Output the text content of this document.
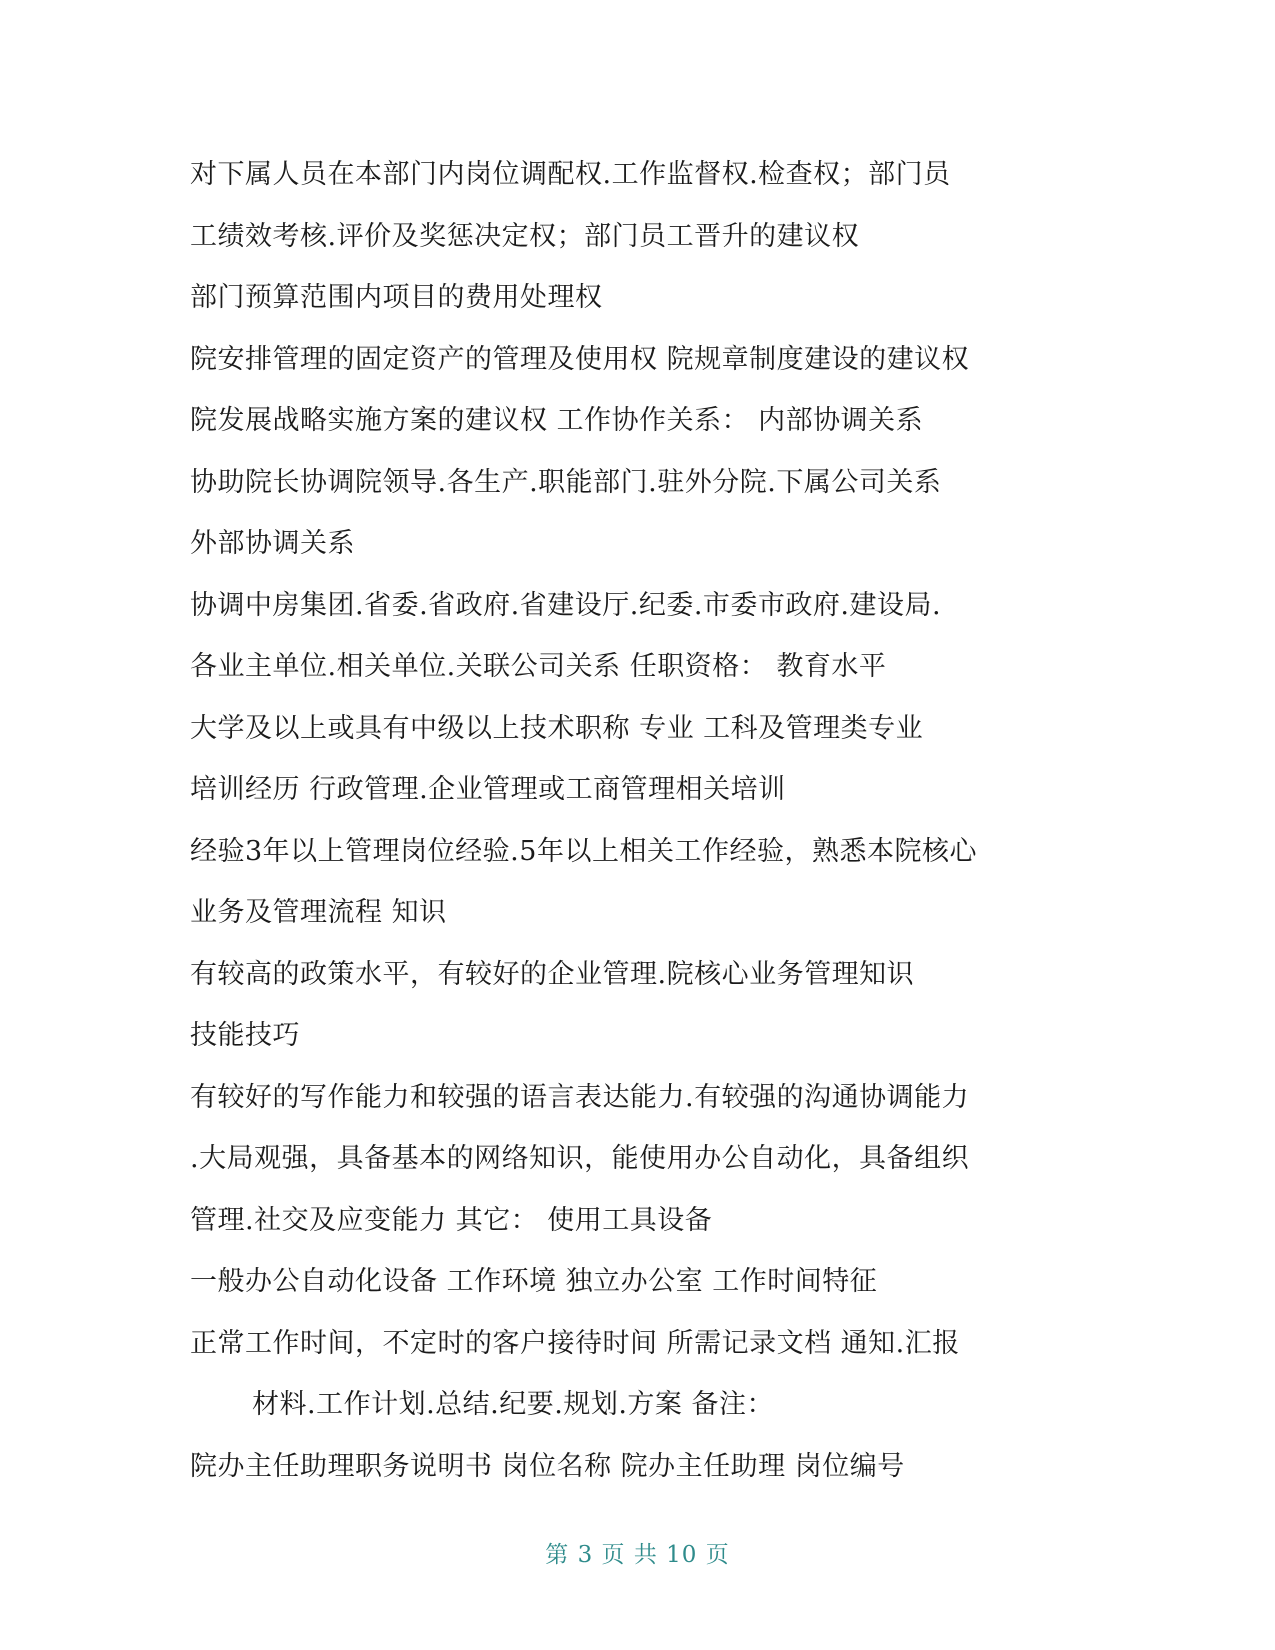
对下属人员在本部门内岗位调配权.工作监督权.检查权；部门员
工绩效考核.评价及奖惩决定权；部门员工晋升的建议权
部门预算范围内项目的费用处理权
院安排管理的固定资产的管理及使用权 院规章制度建设的建议权
院发展战略实施方案的建议权 工作协作关系： 内部协调关系
协助院长协调院领导.各生产.职能部门.驻外分院.下属公司关系
外部协调关系
协调中房集团.省委.省政府.省建设厅.纪委.市委市政府.建设局.
各业主单位.相关单位.关联公司关系 任职资格： 教育水平
大学及以上或具有中级以上技术职称 专业 工科及管理类专业
培训经历 行政管理.企业管理或工商管理相关培训
经验3年以上管理岗位经验.5年以上相关工作经验，熟悉本院核心
业务及管理流程 知识
有较高的政策水平，有较好的企业管理.院核心业务管理知识
技能技巧
有较好的写作能力和较强的语言表达能力.有较强的沟通协调能力
.大局观强，具备基本的网络知识，能使用办公自动化，具备组织
管理.社交及应变能力 其它： 使用工具设备
一般办公自动化设备 工作环境 独立办公室 工作时间特征
正常工作时间，不定时的客户接待时间 所需记录文档 通知.汇报
材料.工作计划.总结.纪要.规划.方案 备注：
院办主任助理职务说明书 岗位名称 院办主任助理 岗位编号
第 3 页 共 10 页
